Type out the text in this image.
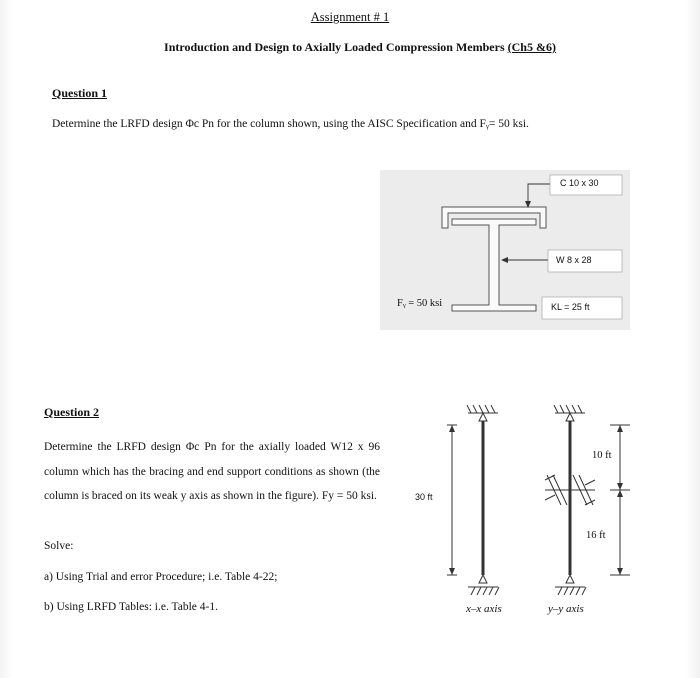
Assignment # 1
Introduction and Design to Axially Loaded Compression Members (Ch5 &6)
Question 1
Determine the LRFD design Φc Pn for the column shown, using the AISC Specification and Fᵧ= 50 ksi.
C 10 x 30
W 8 x 28
KL = 25 ft
Fᵧ = 50 ksi
Question 2
Determine the LRFD design Φc Pn for the axially loaded W12 x 96 column which has the bracing and end support conditions as shown (the column is braced on its weak y axis as shown in the figure). Fy = 50 ksi.
Solve:
a) Using Trial and error Procedure; i.e. Table 4-22;
b) Using LRFD Tables: i.e. Table 4-1.
30 ft
10 ft
16 ft
x–x axis	y–y axis
